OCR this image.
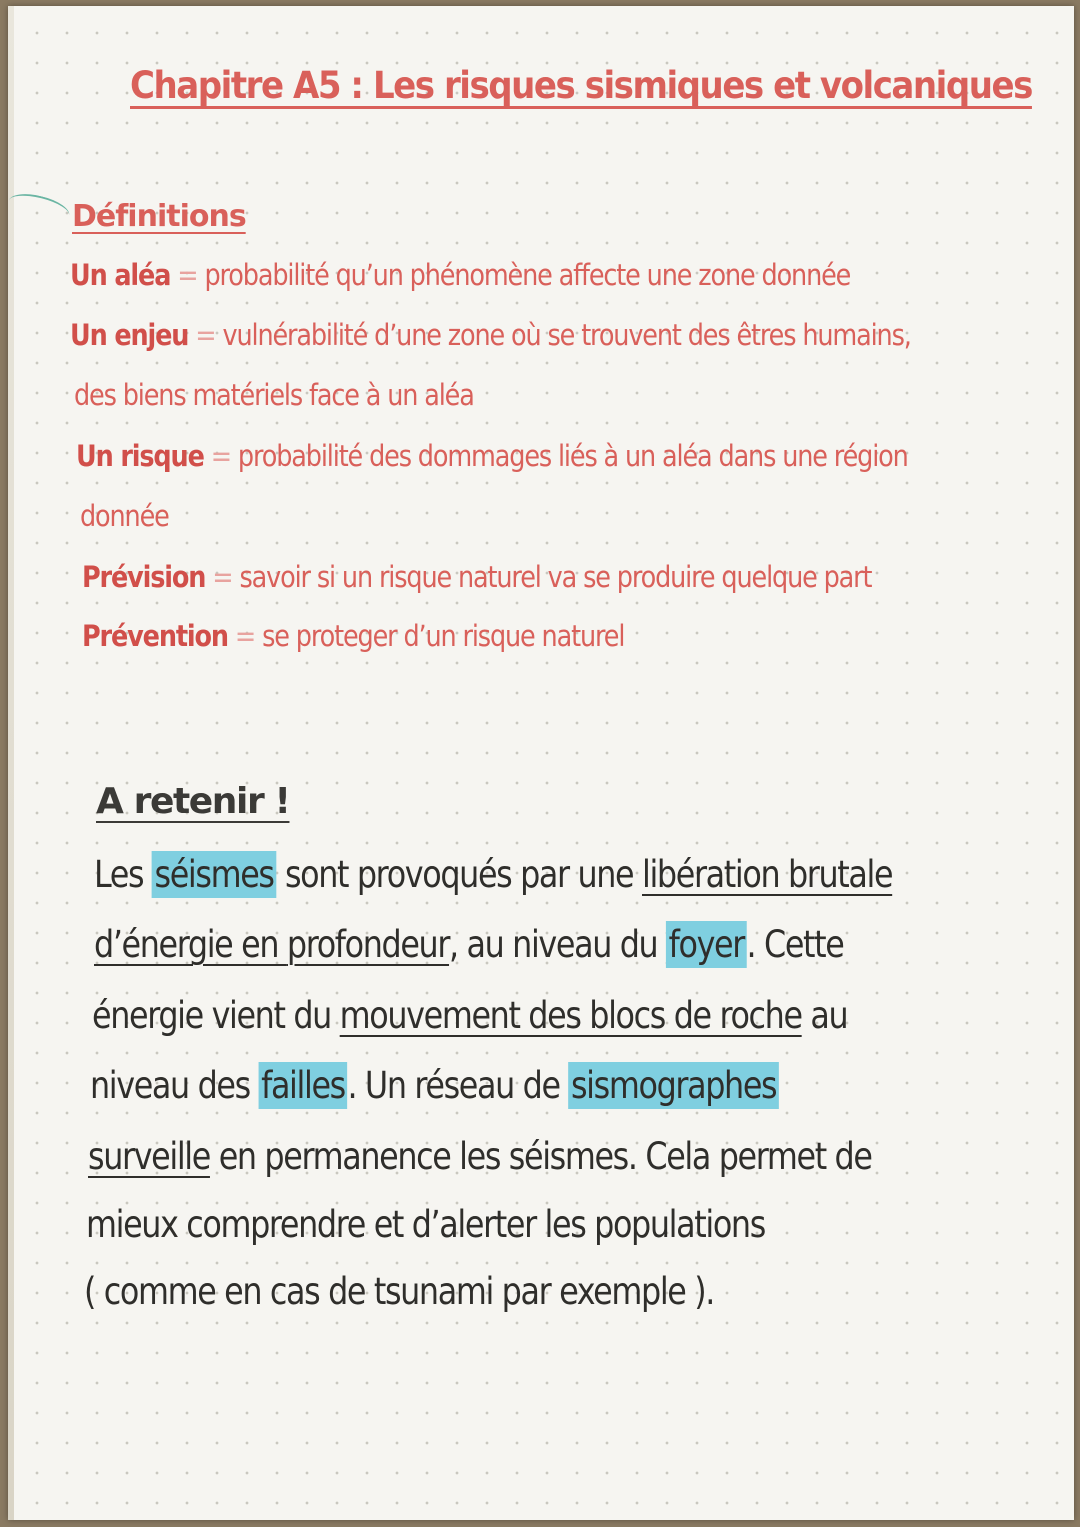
Chapitre A5 : Les risques sismiques et volcaniques
Définitions
Un aléa = probabilité qu’un phénomène affecte une zone donnée
Un enjeu = vulnérabilité d’une zone où se trouvent des êtres humains,
des biens matériels face à un aléa
Un risque = probabilité des dommages liés à un aléa dans une région
donnée
Prévision = savoir si un risque naturel va se produire quelque part
Prévention = se proteger d’un risque naturel
A retenir !
Les séismes sont provoqués par une libération brutale
d’énergie en profondeur, au niveau du foyer. Cette
énergie vient du mouvement des blocs de roche au
niveau des failles. Un réseau de sismographes
surveille en permanence les séismes. Cela permet de
mieux comprendre et d’alerter les populations
( comme en cas de tsunami par exemple ).
